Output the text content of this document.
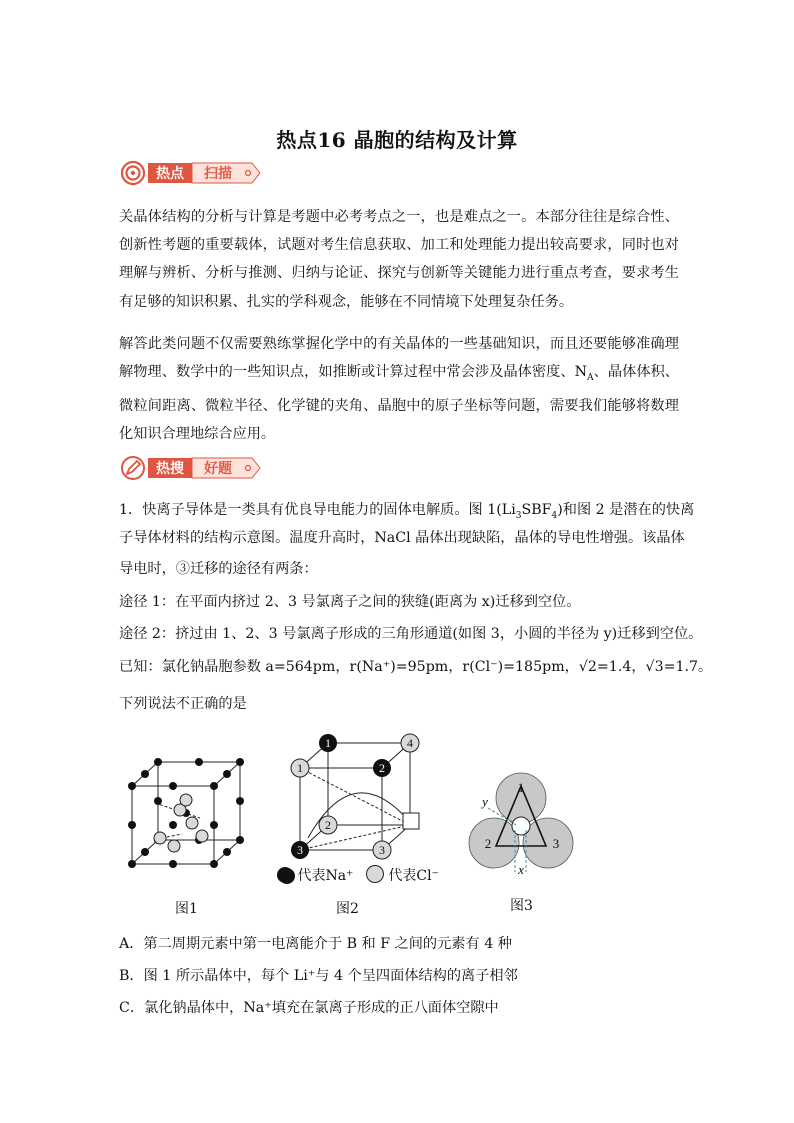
热点16 晶胞的结构及计算
热点 扫描
关晶体结构的分析与计算是考题中必考考点之一，也是难点之一。本部分往往是综合性、创新性考题的重要载体，试题对考生信息获取、加工和处理能力提出较高要求，同时也对理解与辨析、分析与推测、归纳与论证、探究与创新等关键能力进行重点考查，要求考生有足够的知识积累、扎实的学科观念，能够在不同情境下处理复杂任务。
解答此类问题不仅需要熟练掌握化学中的有关晶体的一些基础知识，而且还要能够准确理解物理、数学中的一些知识点，如推断或计算过程中常会涉及晶体密度、$N_A$、晶体体积、微粒间距离、微粒半径、化学键的夹角、晶胞中的原子坐标等问题，需要我们能够将数理化知识合理地综合应用。
热搜 好题
1．快离子导体是一类具有优良导电能力的固体电解质。图 $1(Li_3SBF_4)$和图 2 是潜在的快离
子导体材料的结构示意图。温度升高时，NaCl 晶体出现缺陷，晶体的导电性增强。该晶体
导电时，③迁移的途径有两条：
途径 1：在平面内挤过 2、3 号氯离子之间的狭缝(距离为 x)迁移到空位。
途径 2：挤过由 1、2、3 号氯离子形成的三角形通道(如图 3，小圆的半径为 y)迁移到空位。
已知：氯化钠晶胞参数 a=564pm，r(Na⁺)=95pm，r(Cl⁻)=185pm，√2=1.4，√3=1.7。
下列说法不正确的是
图1
1
2
3
1
2
3
4
代表Na⁺ 代表Cl⁻
图2
1
2	3
x
y
图3
A．第二周期元素中第一电离能介于 B 和 F 之间的元素有 4 种
B．图 1 所示晶体中，每个 Li⁺与 4 个呈四面体结构的离子相邻
C．氯化钠晶体中，Na⁺填充在氯离子形成的正八面体空隙中
